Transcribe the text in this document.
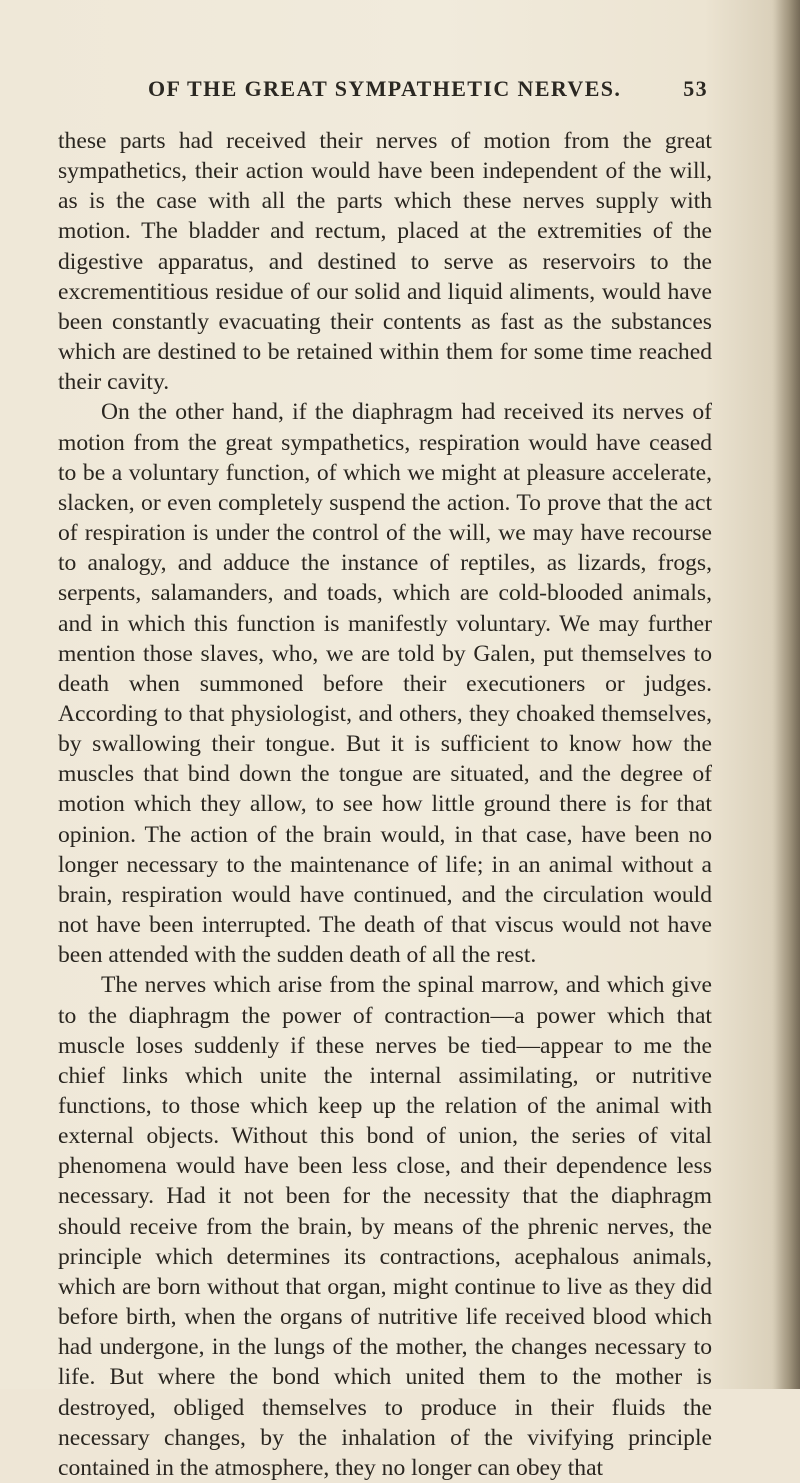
OF THE GREAT SYMPATHETIC NERVES.	53

these parts had received their nerves of motion from the great sympathetics, their action would have been independent of the will, as is the case with all the parts which these nerves supply with motion. The bladder and rectum, placed at the extremities of the digestive apparatus, and destined to serve as reservoirs to the excrementitious residue of our solid and liquid aliments, would have been constantly evacuating their contents as fast as the substances which are destined to be retained within them for some time reached their cavity.

On the other hand, if the diaphragm had received its nerves of motion from the great sympathetics, respiration would have ceased to be a voluntary function, of which we might at pleasure accelerate, slacken, or even completely suspend the action. To prove that the act of respiration is under the control of the will, we may have recourse to analogy, and adduce the instance of reptiles, as lizards, frogs, serpents, salamanders, and toads, which are cold-blooded animals, and in which this function is manifestly voluntary. We may further mention those slaves, who, we are told by Galen, put themselves to death when summoned before their executioners or judges. According to that physiologist, and others, they choaked themselves, by swallowing their tongue. But it is sufficient to know how the muscles that bind down the tongue are situated, and the degree of motion which they allow, to see how little ground there is for that opinion. The action of the brain would, in that case, have been no longer necessary to the maintenance of life; in an animal without a brain, respiration would have continued, and the circulation would not have been interrupted. The death of that viscus would not have been attended with the sudden death of all the rest.

The nerves which arise from the spinal marrow, and which give to the diaphragm the power of contraction—a power which that muscle loses suddenly if these nerves be tied—appear to me the chief links which unite the internal assimilating, or nutritive functions, to those which keep up the relation of the animal with external objects. Without this bond of union, the series of vital phenomena would have been less close, and their dependence less necessary. Had it not been for the necessity that the diaphragm should receive from the brain, by means of the phrenic nerves, the principle which determines its contractions, acephalous animals, which are born without that organ, might continue to live as they did before birth, when the organs of nutritive life received blood which had undergone, in the lungs of the mother, the changes necessary to life. But where the bond which united them to the mother is destroyed, obliged themselves to produce in their fluids the necessary changes, by the inhalation of the vivifying principle contained in the atmosphere, they no longer can obey that
